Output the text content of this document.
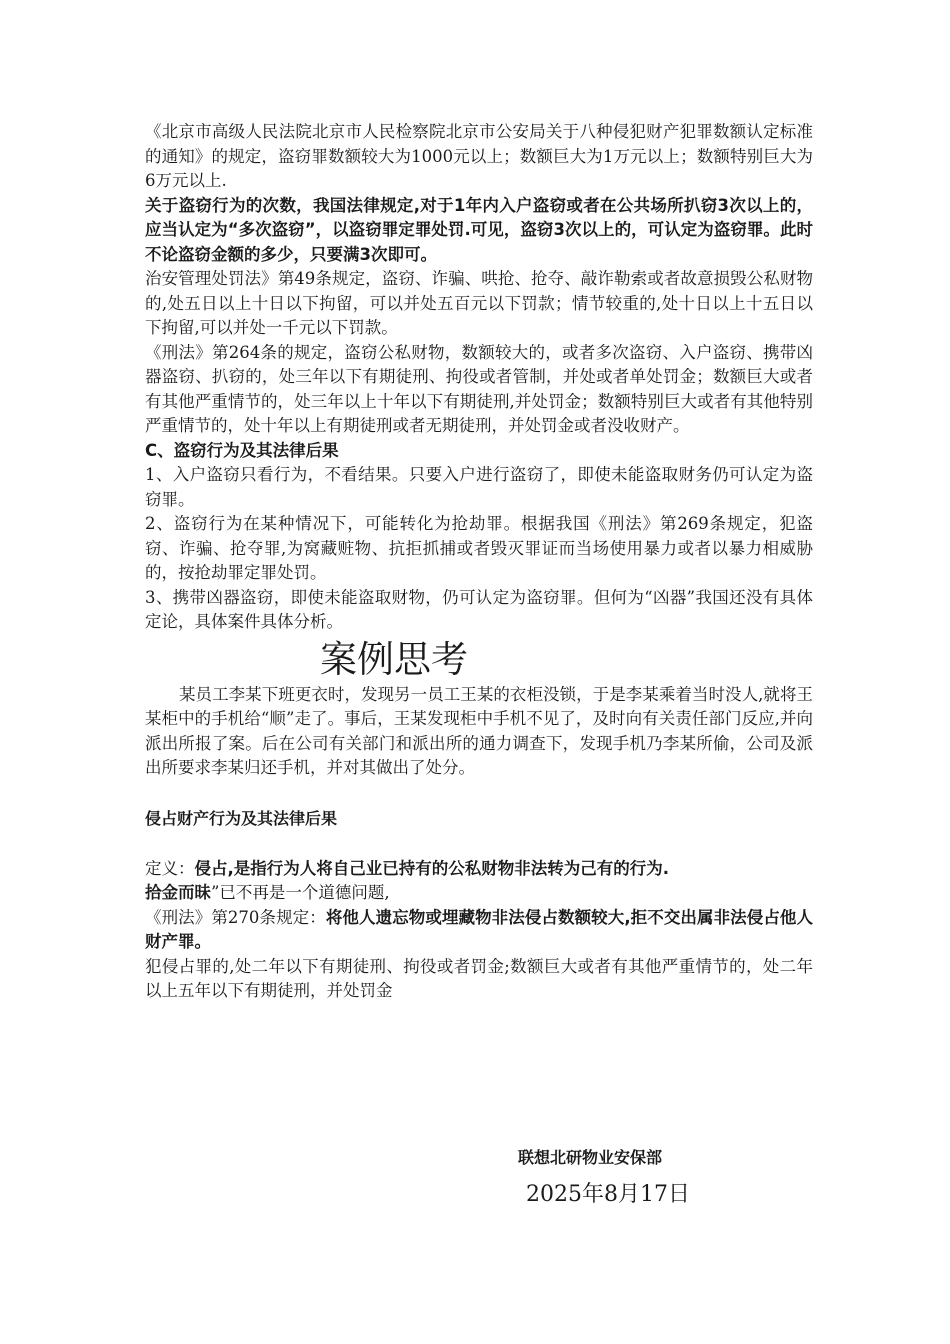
《北京市高级人民法院北京市人民检察院北京市公安局关于八种侵犯财产犯罪数额认定标准的通知》的规定，盗窃罪数额较大为1000元以上；数额巨大为1万元以上；数额特别巨大为6万元以上.

关于盗窃行为的次数，我国法律规定,对于1年内入户盗窃或者在公共场所扒窃3次以上的，应当认定为“多次盗窃”，以盗窃罪定罪处罚.可见，盗窃3次以上的，可认定为盗窃罪。此时不论盗窃金额的多少，只要满3次即可。

治安管理处罚法》第49条规定，盗窃、诈骗、哄抢、抢夺、敲诈勒索或者故意损毁公私财物的,处五日以上十日以下拘留，可以并处五百元以下罚款；情节较重的,处十日以上十五日以下拘留,可以并处一千元以下罚款。

《刑法》第264条的规定，盗窃公私财物，数额较大的，或者多次盗窃、入户盗窃、携带凶器盗窃、扒窃的，处三年以下有期徒刑、拘役或者管制，并处或者单处罚金；数额巨大或者有其他严重情节的，处三年以上十年以下有期徒刑,并处罚金；数额特别巨大或者有其他特别严重情节的，处十年以上有期徒刑或者无期徒刑，并处罚金或者没收财产。

C、盗窃行为及其法律后果

1、入户盗窃只看行为，不看结果。只要入户进行盗窃了，即使未能盗取财务仍可认定为盗窃罪。

2、盗窃行为在某种情况下，可能转化为抢劫罪。根据我国《刑法》第269条规定，犯盗窃、诈骗、抢夺罪,为窝藏赃物、抗拒抓捕或者毁灭罪证而当场使用暴力或者以暴力相威胁的，按抢劫罪定罪处罚。

3、携带凶器盗窃，即使未能盗取财物，仍可认定为盗窃罪。但何为“凶器”我国还没有具体定论，具体案件具体分析。

案例思考

某员工李某下班更衣时，发现另一员工王某的衣柜没锁，于是李某乘着当时没人,就将王某柜中的手机给“顺”走了。事后，王某发现柜中手机不见了，及时向有关责任部门反应,并向派出所报了案。后在公司有关部门和派出所的通力调查下，发现手机乃李某所偷，公司及派出所要求李某归还手机，并对其做出了处分。

侵占财产行为及其法律后果

定义：侵占,是指行为人将自己业已持有的公私财物非法转为己有的行为.

拾金而昧”已不再是一个道德问题,

《刑法》第270条规定：将他人遗忘物或埋藏物非法侵占数额较大,拒不交出属非法侵占他人财产罪。

犯侵占罪的,处二年以下有期徒刑、拘役或者罚金;数额巨大或者有其他严重情节的，处二年以上五年以下有期徒刑，并处罚金

联想北研物业安保部
2025年8月17日
